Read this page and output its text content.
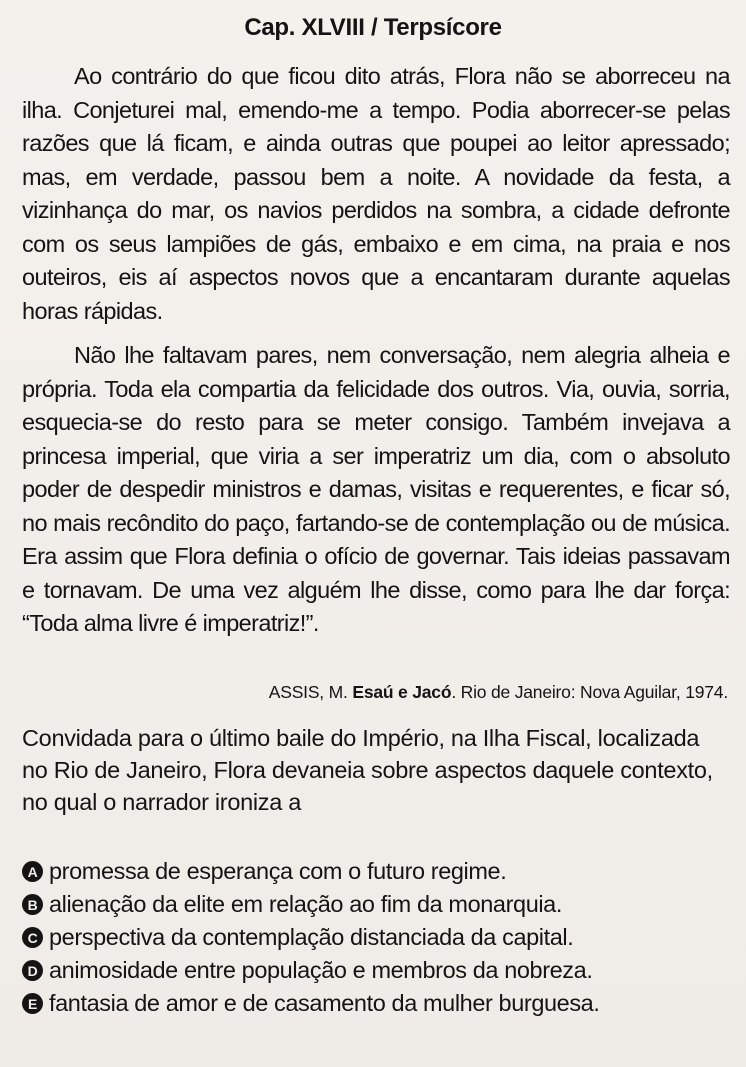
Cap. XLVIII / Terpsícore
Ao contrário do que ficou dito atrás, Flora não se aborreceu na ilha. Conjeturei mal, emendo-me a tempo. Podia aborrecer-se pelas razões que lá ficam, e ainda outras que poupei ao leitor apressado; mas, em verdade, passou bem a noite. A novidade da festa, a vizinhança do mar, os navios perdidos na sombra, a cidade defronte com os seus lampiões de gás, embaixo e em cima, na praia e nos outeiros, eis aí aspectos novos que a encantaram durante aquelas horas rápidas.
Não lhe faltavam pares, nem conversação, nem alegria alheia e própria. Toda ela compartia da felicidade dos outros. Via, ouvia, sorria, esquecia-se do resto para se meter consigo. Também invejava a princesa imperial, que viria a ser imperatriz um dia, com o absoluto poder de despedir ministros e damas, visitas e requerentes, e ficar só, no mais recôndito do paço, fartando-se de contemplação ou de música. Era assim que Flora definia o ofício de governar. Tais ideias passavam e tornavam. De uma vez alguém lhe disse, como para lhe dar força: “Toda alma livre é imperatriz!”.
ASSIS, M. Esaú e Jacó. Rio de Janeiro: Nova Aguilar, 1974.
Convidada para o último baile do Império, na Ilha Fiscal, localizada no Rio de Janeiro, Flora devaneia sobre aspectos daquele contexto, no qual o narrador ironiza a
A promessa de esperança com o futuro regime.
B alienação da elite em relação ao fim da monarquia.
C perspectiva da contemplação distanciada da capital.
D animosidade entre população e membros da nobreza.
E fantasia de amor e de casamento da mulher burguesa.
